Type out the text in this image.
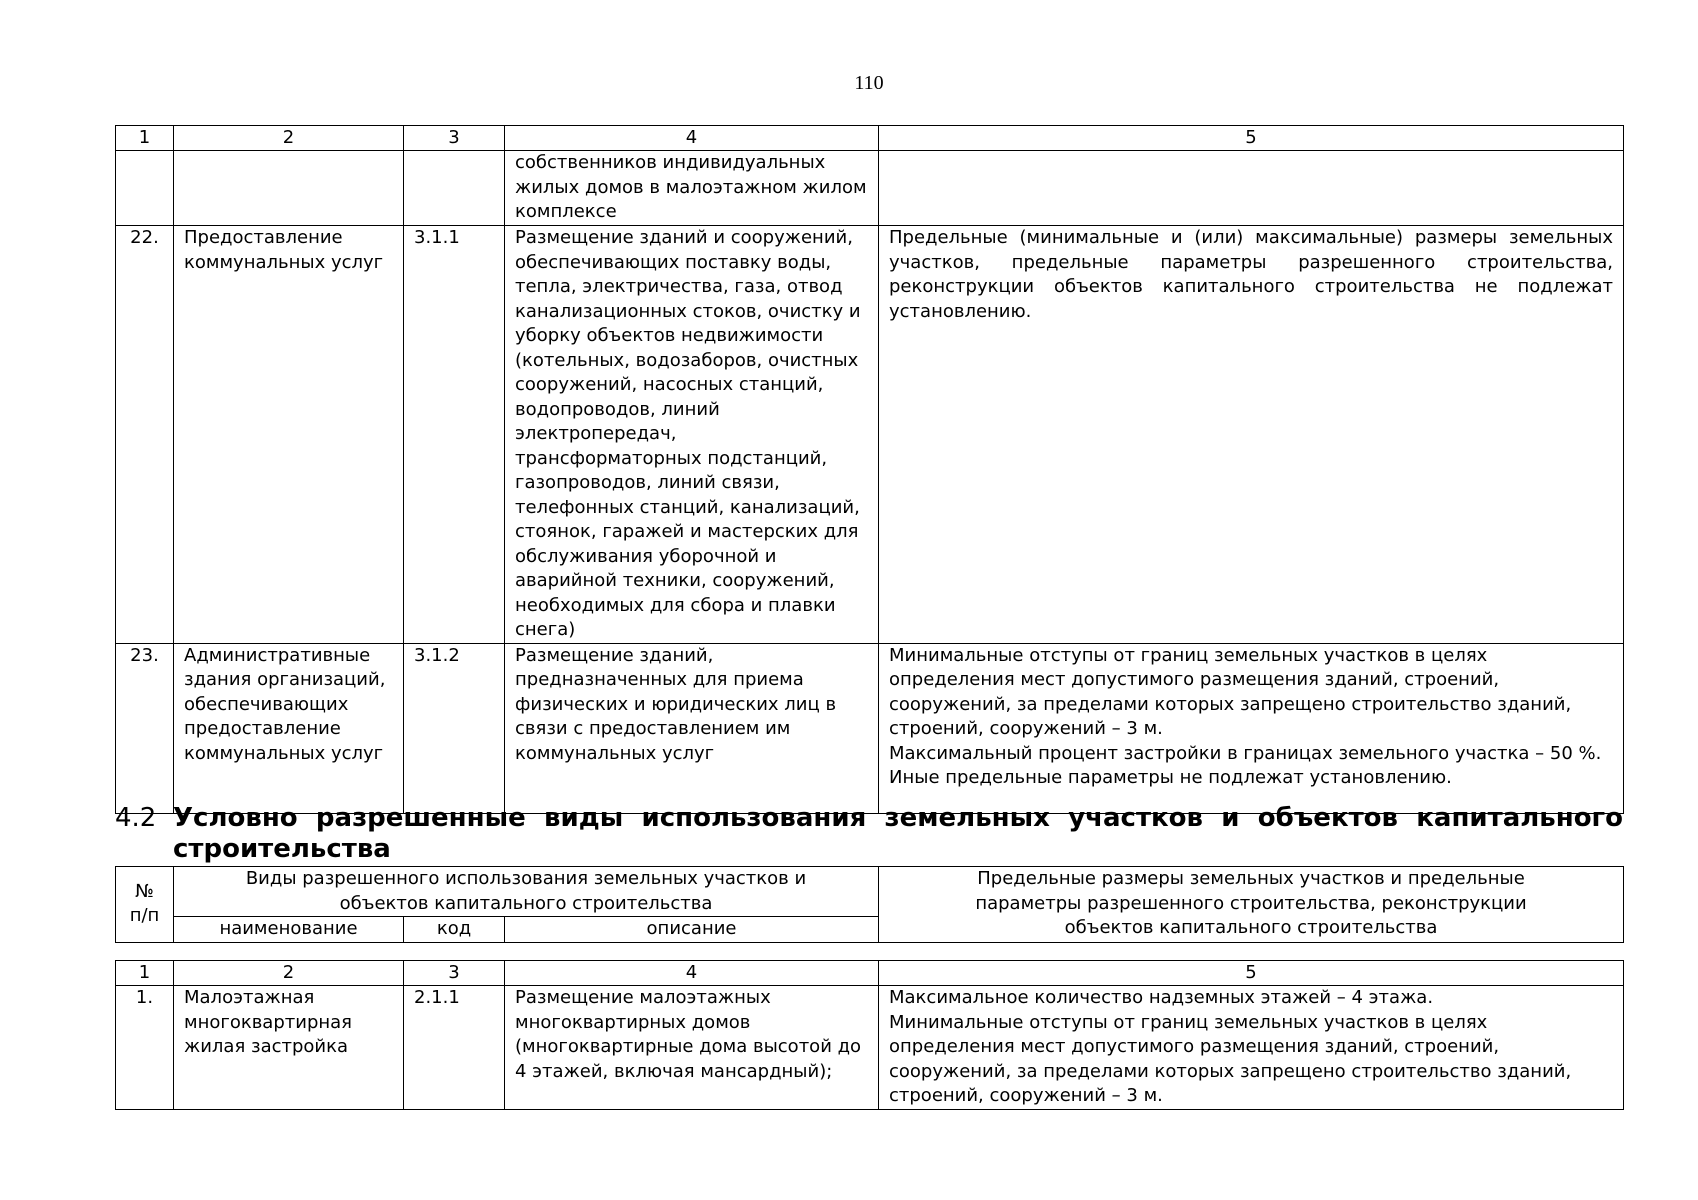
110
1	2	3	4	5
			собственников индивидуальных жилых домов в малоэтажном жилом комплексе	
22.	Предоставление коммунальных услуг	3.1.1	Размещение зданий и сооружений, обеспечивающих поставку воды, тепла, электричества, газа, отвод канализационных стоков, очистку и уборку объектов недвижимости (котельных, водозаборов, очистных сооружений, насосных станций, водопроводов, линий электропередач, трансформаторных подстанций, газопроводов, линий связи, телефонных станций, канализаций, стоянок, гаражей и мастерских для обслуживания уборочной и аварийной техники, сооружений, необходимых для сбора и плавки снега)	Предельные (минимальные и (или) максимальные) размеры земельных участков, предельные параметры разрешенного строительства, реконструкции объектов капитального строительства не подлежат установлению.
23.	Административные здания организаций, обеспечивающих предоставление коммунальных услуг	3.1.2	Размещение зданий, предназначенных для приема физических и юридических лиц в связи с предоставлением им коммунальных услуг	Минимальные отступы от границ земельных участков в целях определения мест допустимого размещения зданий, строений, сооружений, за пределами которых запрещено строительство зданий, строений, сооружений – 3 м.
Максимальный процент застройки в границах земельного участка – 50 %.
Иные предельные параметры не подлежат установлению.
4.2 Условно разрешенные виды использования земельных участков и объектов капитального строительства
№ п/п	Виды разрешенного использования земельных участков и объектов капитального строительства			Предельные размеры земельных участков и предельные параметры разрешенного строительства, реконструкции объектов капитального строительства
	наименование	код	описание	
1	2	3	4	5
1.	Малоэтажная многоквартирная жилая застройка	2.1.1	Размещение малоэтажных многоквартирных домов (многоквартирные дома высотой до 4 этажей, включая мансардный);	Максимальное количество надземных этажей – 4 этажа.
Минимальные отступы от границ земельных участков в целях определения мест допустимого размещения зданий, строений, сооружений, за пределами которых запрещено строительство зданий, строений, сооружений – 3 м.
